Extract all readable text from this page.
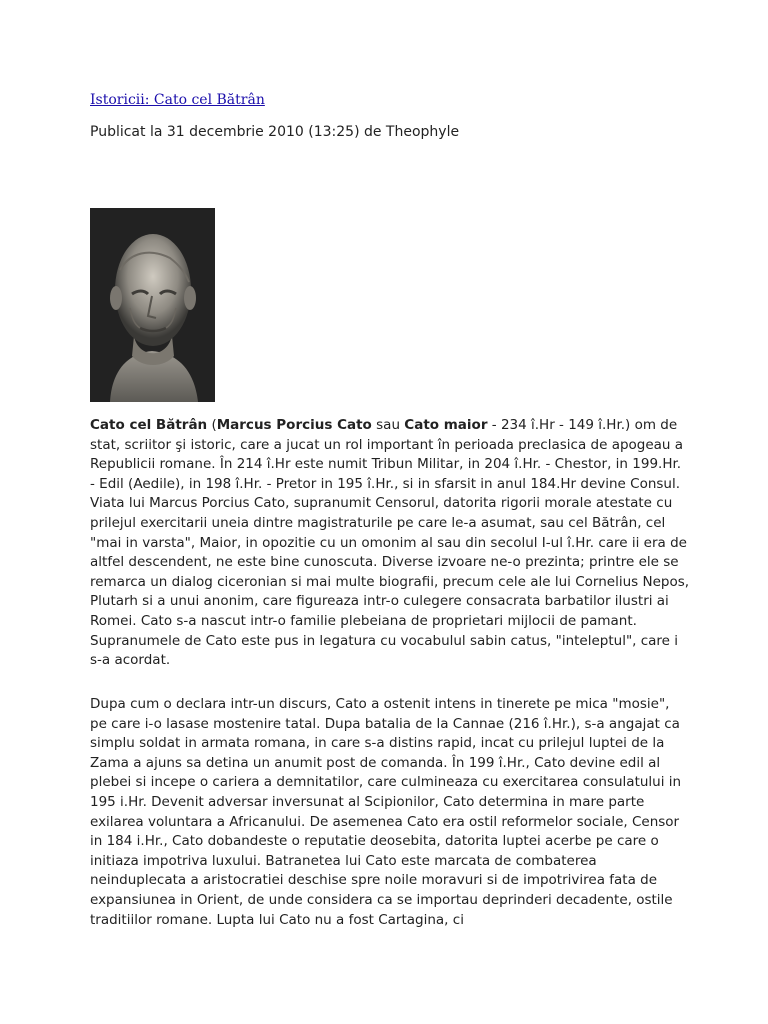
Istoricii: Cato cel Bătrân
Publicat la 31 decembrie 2010 (13:25) de Theophyle

Cato cel Bătrân (Marcus Porcius Cato sau Cato maior - 234 î.Hr - 149 î.Hr.) om de stat, scriitor şi istoric, care a jucat un rol important în perioada preclasica de apogeau a Republicii romane. În 214 î.Hr este numit Tribun Militar, in 204 î.Hr. - Chestor, in 199.Hr. - Edil (Aedile), in 198 î.Hr. - Pretor in 195 î.Hr., si in sfarsit in anul 184.Hr devine Consul. Viata lui Marcus Porcius Cato, supranumit Censorul, datorita rigorii morale atestate cu prilejul exercitarii uneia dintre magistraturile pe care le-a asumat, sau cel Bătrân, cel "mai in varsta", Maior, in opozitie cu un omonim al sau din secolul I-ul î.Hr. care ii era de altfel descendent, ne este bine cunoscuta. Diverse izvoare ne-o prezinta; printre ele se remarca un dialog ciceronian si mai multe biografii, precum cele ale lui Cornelius Nepos, Plutarh si a unui anonim, care figureaza intr-o culegere consacrata barbatilor ilustri ai Romei. Cato s-a nascut intr-o familie plebeiana de proprietari mijlocii de pamant. Supranumele de Cato este pus in legatura cu vocabulul sabin catus, "inteleptul", care i s-a acordat.

Dupa cum o declara intr-un discurs, Cato a ostenit intens in tinerete pe mica "mosie", pe care i-o lasase mostenire tatal. Dupa batalia de la Cannae (216 î.Hr.), s-a angajat ca simplu soldat in armata romana, in care s-a distins rapid, incat cu prilejul luptei de la Zama a ajuns sa detina un anumit post de comanda. În 199 î.Hr., Cato devine edil al plebei si incepe o cariera a demnitatilor, care culmineaza cu exercitarea consulatului in 195 i.Hr. Devenit adversar inversunat al Scipionilor, Cato determina in mare parte exilarea voluntara a Africanului. De asemenea Cato era ostil reformelor sociale, Censor in 184 i.Hr., Cato dobandeste o reputatie deosebita, datorita luptei acerbe pe care o initiaza impotriva luxului. Batranetea lui Cato este marcata de combaterea neinduplecata a aristocratiei deschise spre noile moravuri si de impotrivirea fata de expansiunea in Orient, de unde considera ca se importau deprinderi decadente, ostile traditiilor romane. Lupta lui Cato nu a fost Cartagina, ci
